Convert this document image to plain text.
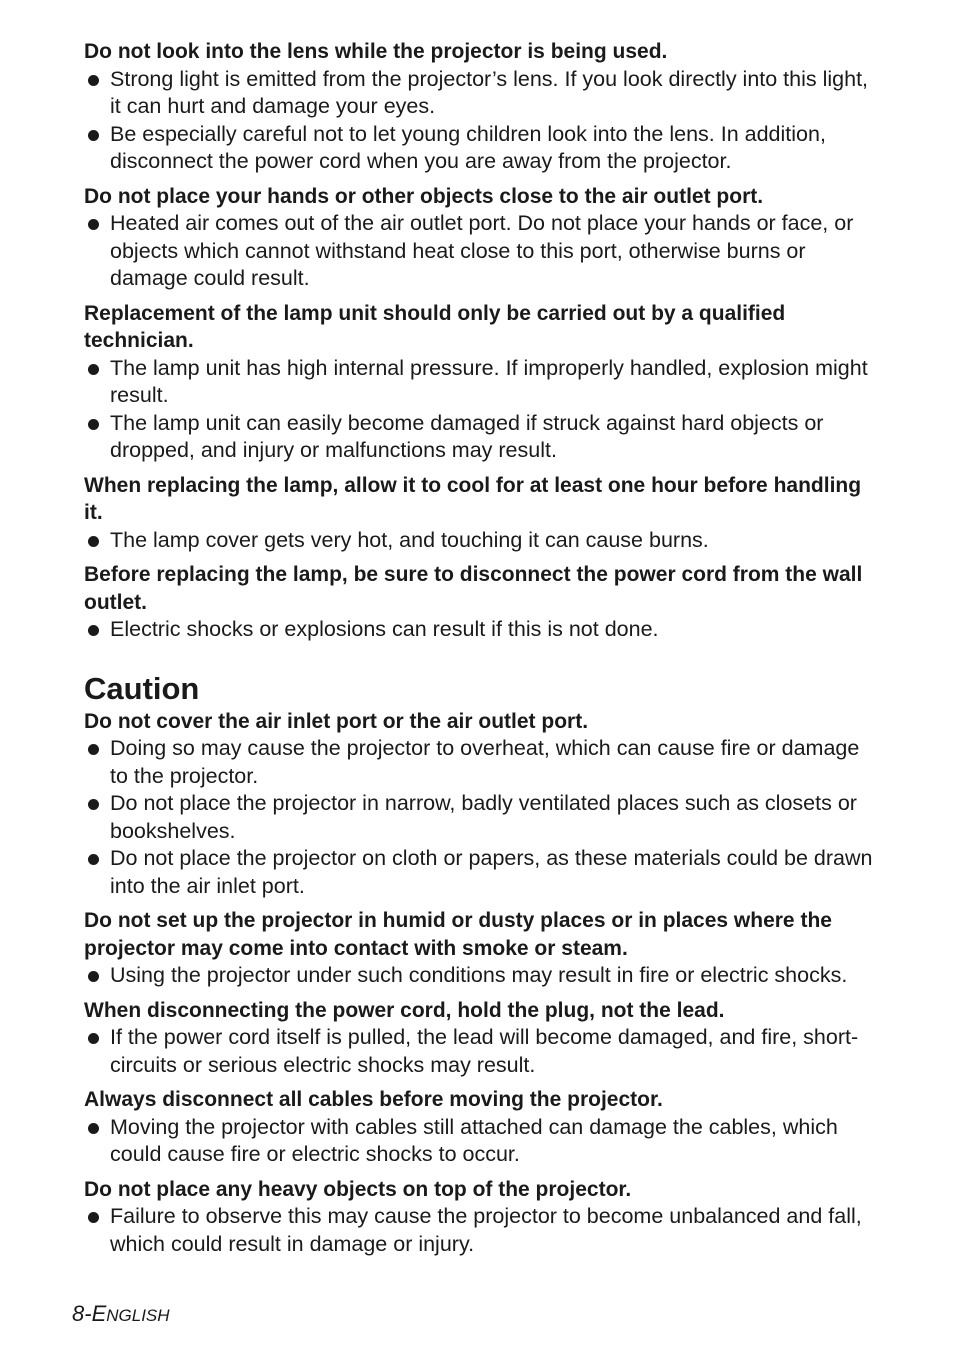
Do not look into the lens while the projector is being used.

Strong light is emitted from the projector’s lens. If you look directly into this light, it can hurt and damage your eyes.
Be especially careful not to let young children look into the lens. In addition, disconnect the power cord when you are away from the projector.

Do not place your hands or other objects close to the air outlet port.

Heated air comes out of the air outlet port. Do not place your hands or face, or objects which cannot withstand heat close to this port, otherwise burns or damage could result.

Replacement of the lamp unit should only be carried out by a qualified technician.

The lamp unit has high internal pressure. If improperly handled, explosion might result.
The lamp unit can easily become damaged if struck against hard objects or dropped, and injury or malfunctions may result.

When replacing the lamp, allow it to cool for at least one hour before handling it.

The lamp cover gets very hot, and touching it can cause burns.

Before replacing the lamp, be sure to disconnect the power cord from the wall outlet.

Electric shocks or explosions can result if this is not done.
Caution

Do not cover the air inlet port or the air outlet port.

Doing so may cause the projector to overheat, which can cause fire or damage to the projector.
Do not place the projector in narrow, badly ventilated places such as closets or bookshelves.
Do not place the projector on cloth or papers, as these materials could be drawn into the air inlet port.

Do not set up the projector in humid or dusty places or in places where the projector may come into contact with smoke or steam.

Using the projector under such conditions may result in fire or electric shocks.

When disconnecting the power cord, hold the plug, not the lead.

If the power cord itself is pulled, the lead will become damaged, and fire, short-circuits or serious electric shocks may result.

Always disconnect all cables before moving the projector.

Moving the projector with cables still attached can damage the cables, which could cause fire or electric shocks to occur.

Do not place any heavy objects on top of the projector.

Failure to observe this may cause the projector to become unbalanced and fall, which could result in damage or injury.
8-ENGLISH
